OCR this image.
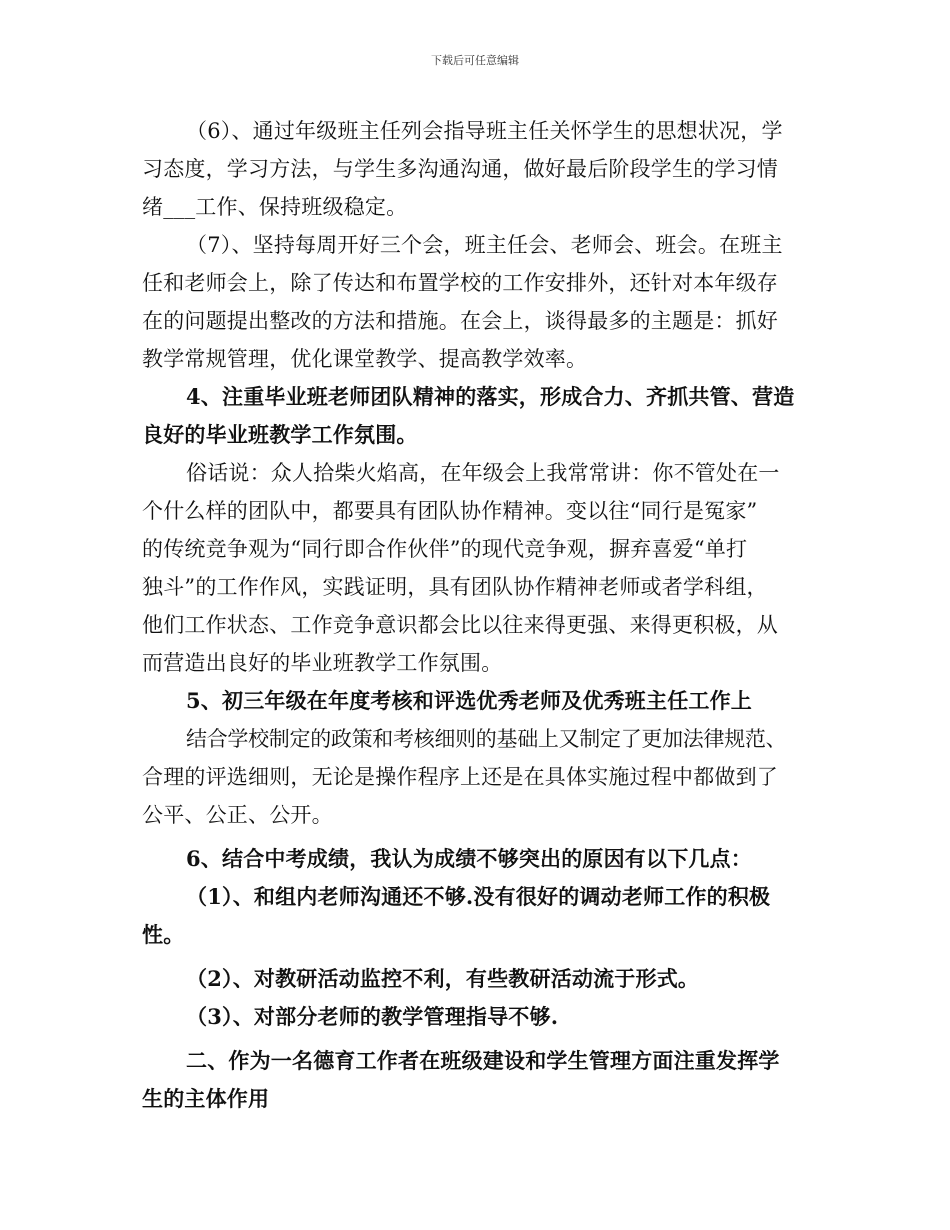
下载后可任意编辑
（6）、通过年级班主任列会指导班主任关怀学生的思想状况，学
习态度，学习方法，与学生多沟通沟通，做好最后阶段学生的学习情
绪___工作、保持班级稳定。
（7）、坚持每周开好三个会，班主任会、老师会、班会。在班主
任和老师会上，除了传达和布置学校的工作安排外，还针对本年级存
在的问题提出整改的方法和措施。在会上，谈得最多的主题是：抓好
教学常规管理，优化课堂教学、提高教学效率。
4、注重毕业班老师团队精神的落实，形成合力、齐抓共管、营造
良好的毕业班教学工作氛围。
俗话说：众人拾柴火焰高，在年级会上我常常讲：你不管处在一
个什么样的团队中，都要具有团队协作精神。变以往“同行是冤家”
的传统竞争观为“同行即合作伙伴”的现代竞争观，摒弃喜爱“单打
独斗”的工作作风，实践证明，具有团队协作精神老师或者学科组，
他们工作状态、工作竞争意识都会比以往来得更强、来得更积极，从
而营造出良好的毕业班教学工作氛围。
5、初三年级在年度考核和评选优秀老师及优秀班主任工作上
结合学校制定的政策和考核细则的基础上又制定了更加法律规范、
合理的评选细则，无论是操作程序上还是在具体实施过程中都做到了
公平、公正、公开。
6、结合中考成绩，我认为成绩不够突出的原因有以下几点：
（1）、和组内老师沟通还不够.没有很好的调动老师工作的积极
性。
（2）、对教研活动监控不利，有些教研活动流于形式。
（3）、对部分老师的教学管理指导不够.
二、作为一名德育工作者在班级建设和学生管理方面注重发挥学
生的主体作用
